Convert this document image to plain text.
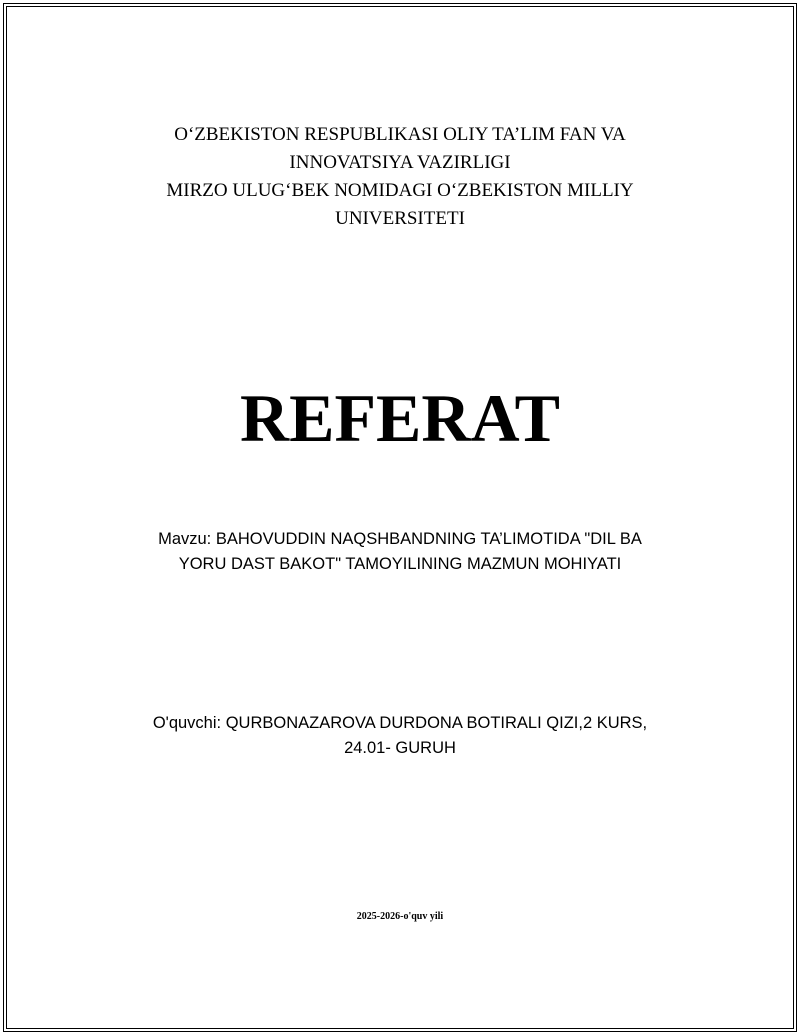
O‘ZBEKISTON RESPUBLIKASI OLIY TA’LIM FAN VA
INNOVATSIYA VAZIRLIGI
MIRZO ULUG‘BEK NOMIDAGI O‘ZBEKISTON MILLIY
UNIVERSITETI
REFERAT
Mavzu: BAHOVUDDIN NAQSHBANDNING TA’LIMOTIDA "DIL BA
YORU DAST BAKOT" TAMOYILINING MAZMUN MOHIYATI
O'quvchi: QURBONAZAROVA DURDONA BOTIRALI QIZI,2 KURS,
24.01- GURUH
2025-2026-o'quv yili
